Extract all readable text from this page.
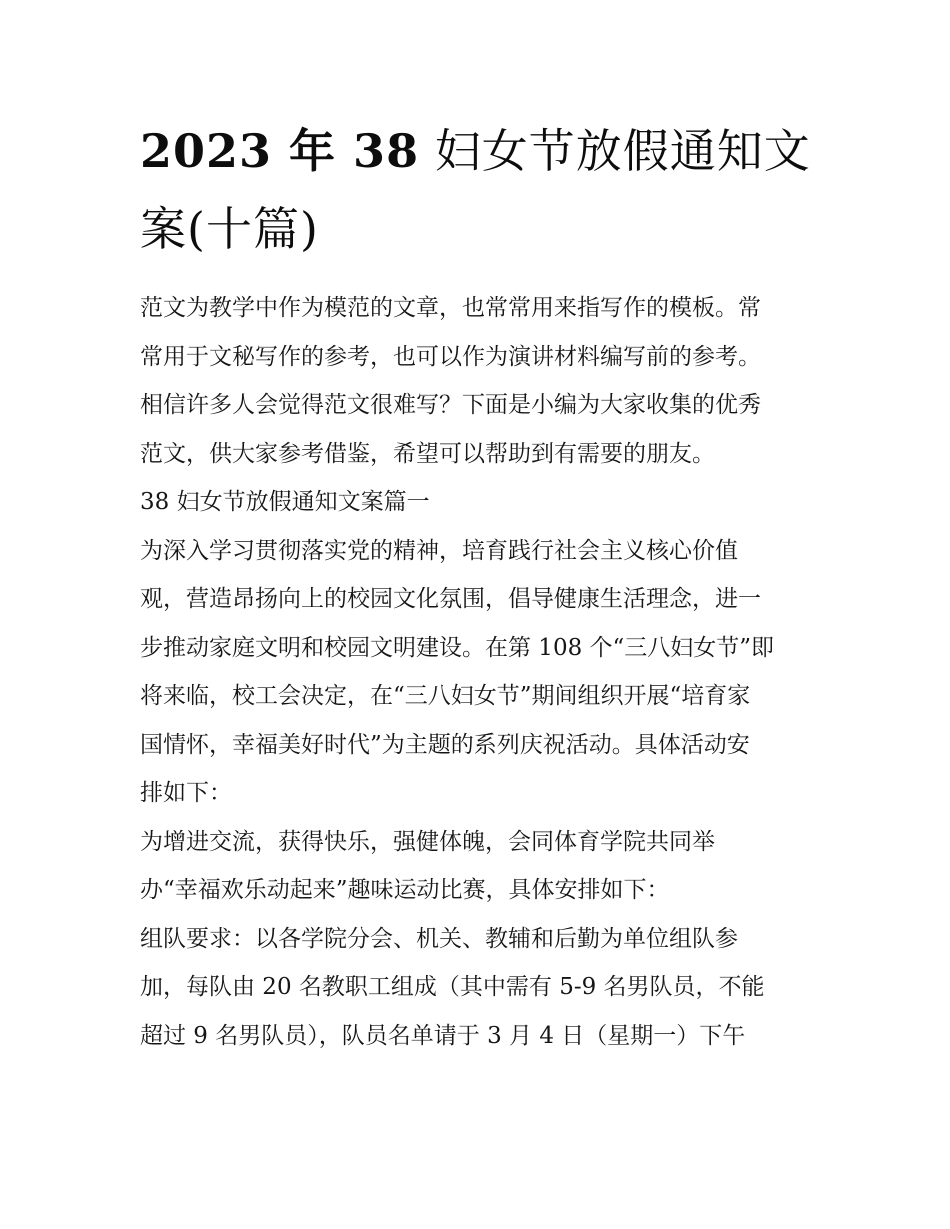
2023 年 38 妇女节放假通知文
案(十篇)

范文为教学中作为模范的文章，也常常用来指写作的模板。常
常用于文秘写作的参考，也可以作为演讲材料编写前的参考。
相信许多人会觉得范文很难写？下面是小编为大家收集的优秀
范文，供大家参考借鉴，希望可以帮助到有需要的朋友。

38 妇女节放假通知文案篇一

为深入学习贯彻落实党的精神，培育践行社会主义核心价值
观，营造昂扬向上的校园文化氛围，倡导健康生活理念，进一
步推动家庭文明和校园文明建设。在第 108 个“三八妇女节”即
将来临，校工会决定，在“三八妇女节”期间组织开展“培育家
国情怀，幸福美好时代”为主题的系列庆祝活动。具体活动安
排如下：

为增进交流，获得快乐，强健体魄，会同体育学院共同举
办“幸福欢乐动起来”趣味运动比赛，具体安排如下：

组队要求：以各学院分会、机关、教辅和后勤为单位组队参
加，每队由 20 名教职工组成（其中需有 5-9 名男队员，不能
超过 9 名男队员），队员名单请于 3 月 4 日（星期一）下午
